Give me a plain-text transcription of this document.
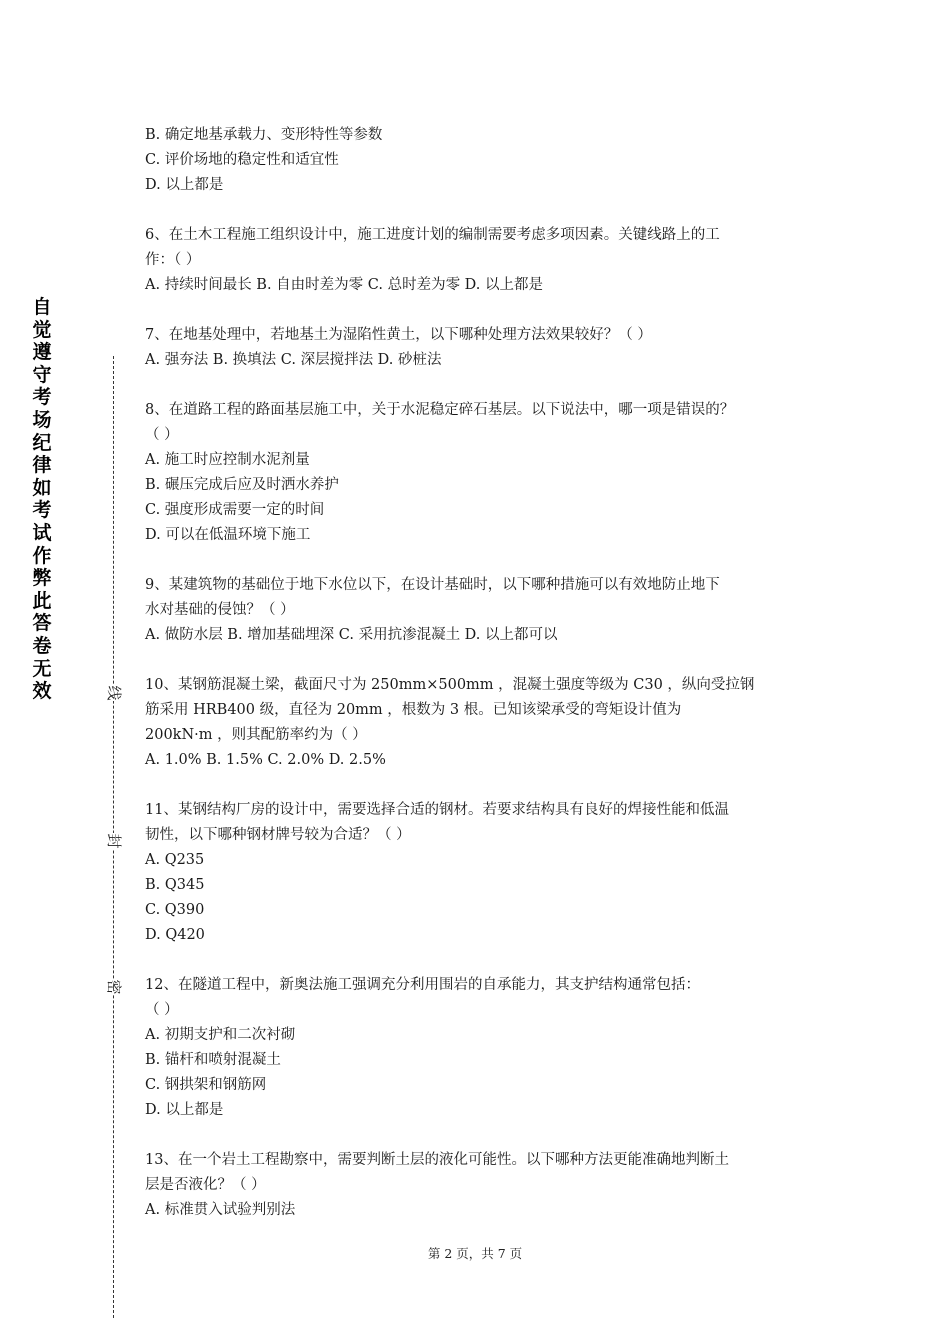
自觉遵守考场纪律如考试作弊此答卷无效	线
封
密
B. 确定地基承载力、变形特性等参数
C. 评价场地的稳定性和适宜性
D. 以上都是
6、在土木工程施工组织设计中，施工进度计划的编制需要考虑多项因素。关键线路上的工
作：（ ）
A. 持续时间最长 B. 自由时差为零 C. 总时差为零 D. 以上都是
7、在地基处理中，若地基土为湿陷性黄土，以下哪种处理方法效果较好？（ ）
A. 强夯法 B. 换填法 C. 深层搅拌法 D. 砂桩法
8、在道路工程的路面基层施工中，关于水泥稳定碎石基层。以下说法中，哪一项是错误的？
（ ）
A. 施工时应控制水泥剂量
B. 碾压完成后应及时洒水养护
C. 强度形成需要一定的时间
D. 可以在低温环境下施工
9、某建筑物的基础位于地下水位以下，在设计基础时，以下哪种措施可以有效地防止地下
水对基础的侵蚀？（ ）
A. 做防水层 B. 增加基础埋深 C. 采用抗渗混凝土 D. 以上都可以
10、某钢筋混凝土梁，截面尺寸为 250mm×500mm ，混凝土强度等级为 C30 ，纵向受拉钢
筋采用 HRB400 级，直径为 20mm ，根数为 3 根。已知该梁承受的弯矩设计值为
200kN·m ，则其配筋率约为（ ）
A. 1.0% B. 1.5% C. 2.0% D. 2.5%
11、某钢结构厂房的设计中，需要选择合适的钢材。若要求结构具有良好的焊接性能和低温
韧性，以下哪种钢材牌号较为合适？（ ）
A. Q235
B. Q345
C. Q390
D. Q420
12、在隧道工程中，新奥法施工强调充分利用围岩的自承能力，其支护结构通常包括：
（ ）
A. 初期支护和二次衬砌
B. 锚杆和喷射混凝土
C. 钢拱架和钢筋网
D. 以上都是
13、在一个岩土工程勘察中，需要判断土层的液化可能性。以下哪种方法更能准确地判断土
层是否液化？（ ）
A. 标准贯入试验判别法
第 2 页，共 7 页
